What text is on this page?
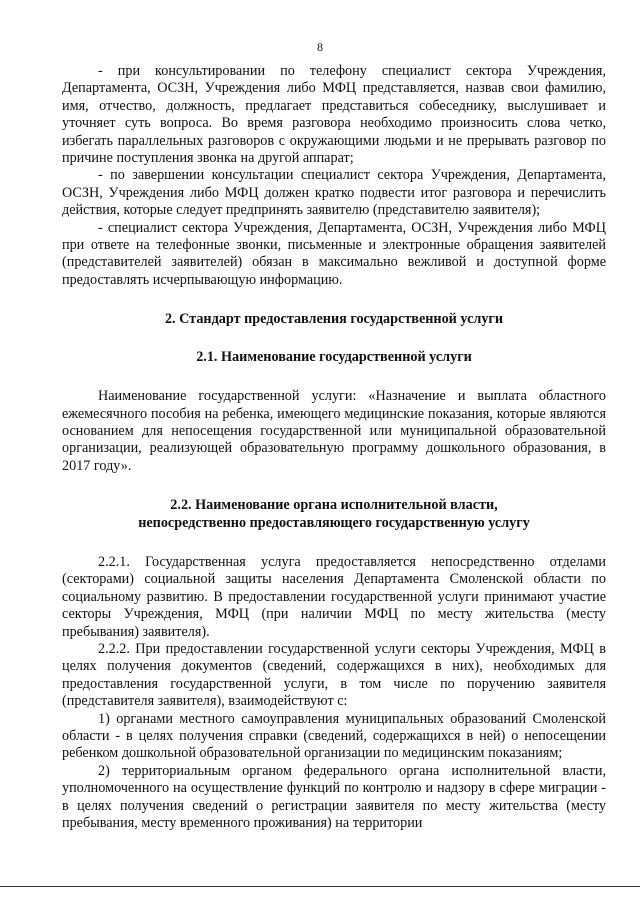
8

- при консультировании по телефону специалист сектора Учреждения, Департамента, ОСЗН, Учреждения либо МФЦ представляется, назвав свои фамилию, имя, отчество, должность, предлагает представиться собеседнику, выслушивает и уточняет суть вопроса. Во время разговора необходимо произносить слова четко, избегать параллельных разговоров с окружающими людьми и не прерывать разговор по причине поступления звонка на другой аппарат;

- по завершении консультации специалист сектора Учреждения, Департамента, ОСЗН, Учреждения либо МФЦ должен кратко подвести итог разговора и перечислить действия, которые следует предпринять заявителю (представителю заявителя);

- специалист сектора Учреждения, Департамента, ОСЗН, Учреждения либо МФЦ при ответе на телефонные звонки, письменные и электронные обращения заявителей (представителей заявителей) обязан в максимально вежливой и доступной форме предоставлять исчерпывающую информацию.

2. Стандарт предоставления государственной услуги
2.1. Наименование государственной услуги

Наименование государственной услуги: «Назначение и выплата областного ежемесячного пособия на ребенка, имеющего медицинские показания, которые являются основанием для непосещения государственной или муниципальной образовательной организации, реализующей образовательную программу дошкольного образования, в 2017 году».

2.2. Наименование органа исполнительной власти,
непосредственно предоставляющего государственную услугу

2.2.1. Государственная услуга предоставляется непосредственно отделами (секторами) социальной защиты населения Департамента Смоленской области по социальному развитию. В предоставлении государственной услуги принимают участие секторы Учреждения, МФЦ (при наличии МФЦ по месту жительства (месту пребывания) заявителя).

2.2.2. При предоставлении государственной услуги секторы Учреждения, МФЦ в целях получения документов (сведений, содержащихся в них), необходимых для предоставления государственной услуги, в том числе по поручению заявителя (представителя заявителя), взаимодействуют с:

1) органами местного самоуправления муниципальных образований Смоленской области - в целях получения справки (сведений, содержащихся в ней) о непосещении ребенком дошкольной образовательной организации по медицинским показаниям;

2) территориальным органом федерального органа исполнительной власти, уполномоченного на осуществление функций по контролю и надзору в сфере миграции - в целях получения сведений о регистрации заявителя по месту жительства (месту пребывания, месту временного проживания) на территории
